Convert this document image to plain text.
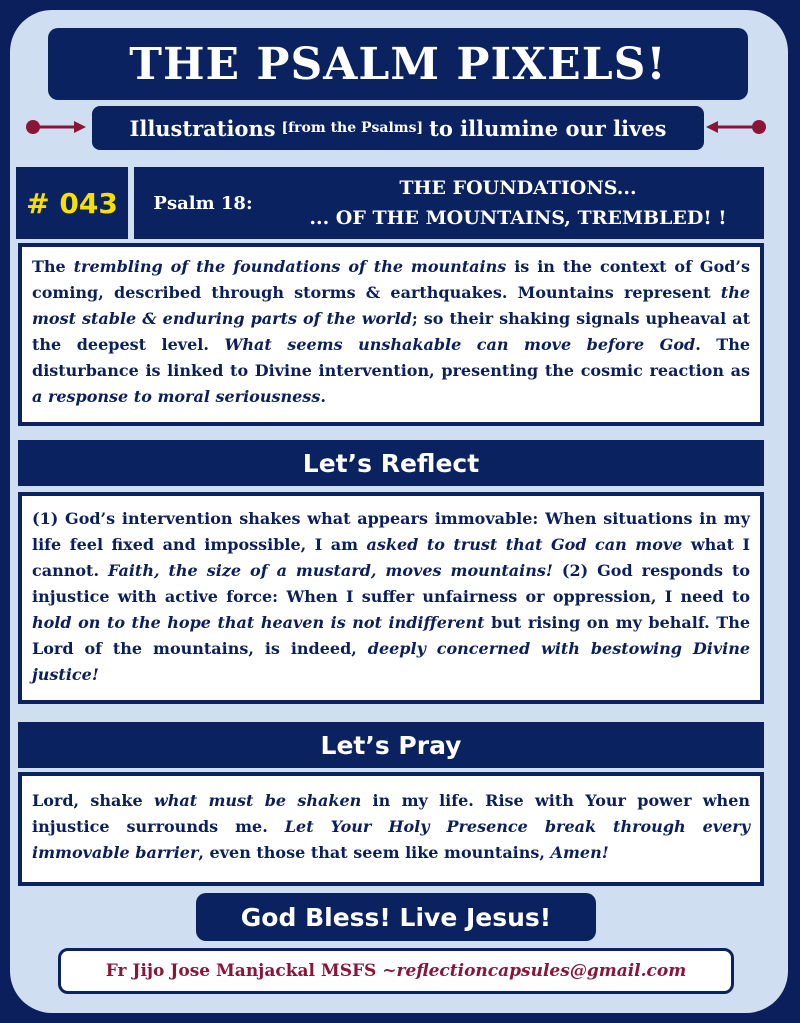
THE PSALM PIXELS!
Illustrations [from the Psalms] to illumine our lives
# 043	Psalm 18:
THE FOUNDATIONS...
... OF THE MOUNTAINS, TREMBLED! !
The trembling of the foundations of the mountains is in the context of God’s coming, described through storms & earthquakes. Mountains represent the most stable & enduring parts of the world; so their shaking signals upheaval at the deepest level. What seems unshakable can move before God. The disturbance is linked to Divine intervention, presenting the cosmic reaction as a response to moral seriousness.
Let’s Reflect
(1) God’s intervention shakes what appears immovable: When situations in my life feel fixed and impossible, I am asked to trust that God can move what I cannot. Faith, the size of a mustard, moves mountains! (2) God responds to injustice with active force: When I suffer unfairness or oppression, I need to hold on to the hope that heaven is not indifferent but rising on my behalf. The Lord of the mountains, is indeed, deeply concerned with bestowing Divine justice!
Let’s Pray
Lord, shake what must be shaken in my life. Rise with Your power when injustice surrounds me. Let Your Holy Presence break through every immovable barrier, even those that seem like mountains, Amen!
God Bless! Live Jesus!
Fr Jijo Jose Manjackal MSFS ~ reflectioncapsules@gmail.com
